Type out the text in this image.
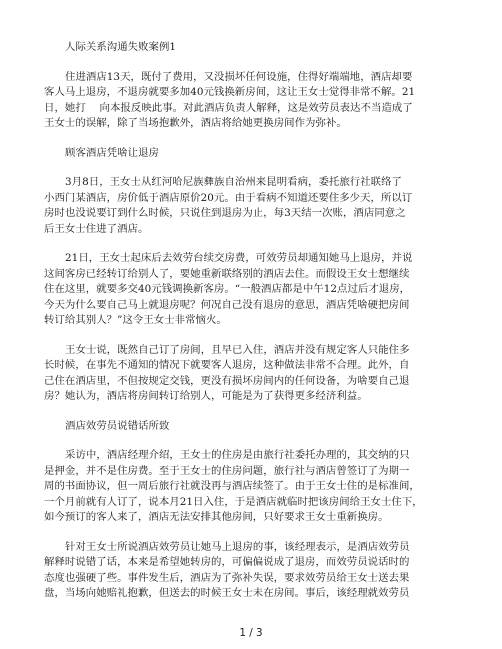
人际关系沟通失败案例1
住进酒店13天，既付了费用，又没损坏任何设施，住得好端端地，酒店却要
客人马上退房，不退房就要多加40元钱换新房间，这让王女士觉得非常不解。21
日，她打　 向本报反映此事。对此酒店负责人解释，这是效劳员表达不当造成了
王女士的误解，除了当场抱歉外，酒店将给她更换房间作为弥补。
顾客酒店凭啥让退房
3月8日，王女士从红河哈尼族彝族自治州来昆明看病，委托旅行社联络了
小西门某酒店，房价低于酒店原价20元。由于看病不知道还要住多少天，所以订
房时也没说要订到什么时候，只说住到退房为止，每3天结一次账，酒店同意之
后王女士住进了酒店。
21日，王女士起床后去效劳台续交房费，可效劳员却通知她马上退房，并说
这间客房已经转订给别人了，要她重新联络别的酒店去住。而假设王女士想继续
住在这里，就要多交40元钱调换新客房。“一般酒店都是中午12点过后才退房，
今天为什么要自己马上就退房呢？何况自己没有退房的意思，酒店凭啥硬把房间
转订给其别人？”这令王女士非常恼火。
王女士说，既然自己订了房间，且早已入住，酒店并没有规定客人只能住多
长时候，在事先不通知的情况下就要客人退房，这种做法非常不合理。此外，自
己住在酒店里，不但按规定交钱，更没有损坏房间内的任何设备，为啥要自己退
房？她认为，酒店将房间转订给别人，可能是为了获得更多经济利益。
酒店效劳员说错话所致
采访中，酒店经理介绍，王女士的住房是由旅行社委托办理的，其交纳的只
是押金，并不是住房费。至于王女士的住房问题，旅行社与酒店曾签订了为期一
周的书面协议，但一周后旅行社就没再与酒店续签了。由于王女士住的是标准间，
一个月前就有人订了，说本月21日入住，于是酒店就临时把该房间给王女士住下，
如今预订的客人来了，酒店无法安排其他房间，只好要求王女士重新换房。
针对王女士所说酒店效劳员让她马上退房的事，该经理表示，是酒店效劳员
解释时说错了话，本来是希望她转房的，可偏偏说成了退房，而效劳员说话时的
态度也强硬了些。事件发生后，酒店为了弥补失误，要求效劳员给王女士送去果
盘，当场向她赔礼抱歉，但送去的时候王女士未在房间。事后，该经理就效劳员
1 / 3
